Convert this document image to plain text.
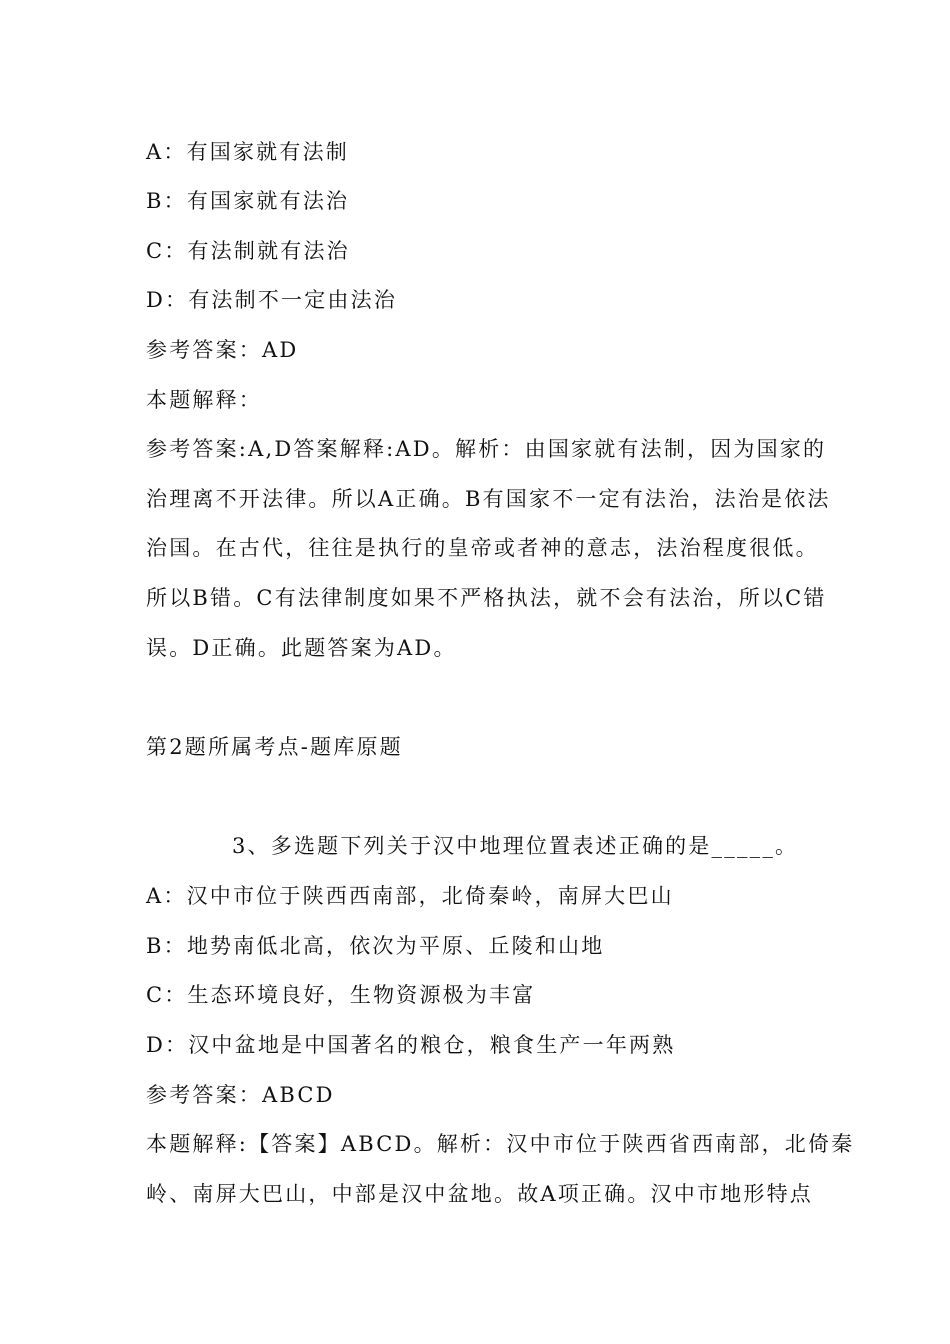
A：有国家就有法制
B：有国家就有法治
C：有法制就有法治
D：有法制不一定由法治
参考答案：AD
本题解释：
参考答案:A,D答案解释:AD。解析：由国家就有法制，因为国家的
治理离不开法律。所以A正确。B有国家不一定有法治，法治是依法
治国。在古代，往往是执行的皇帝或者神的意志，法治程度很低。
所以B错。C有法律制度如果不严格执法，就不会有法治，所以C错
误。D正确。此题答案为AD。
第2题所属考点-题库原题
3、多选题下列关于汉中地理位置表述正确的是_____。
A：汉中市位于陕西西南部，北倚秦岭，南屏大巴山
B：地势南低北高，依次为平原、丘陵和山地
C：生态环境良好，生物资源极为丰富
D：汉中盆地是中国著名的粮仓，粮食生产一年两熟
参考答案：ABCD
本题解释:【答案】ABCD。解析：汉中市位于陕西省西南部，北倚秦
岭、南屏大巴山，中部是汉中盆地。故A项正确。汉中市地形特点
